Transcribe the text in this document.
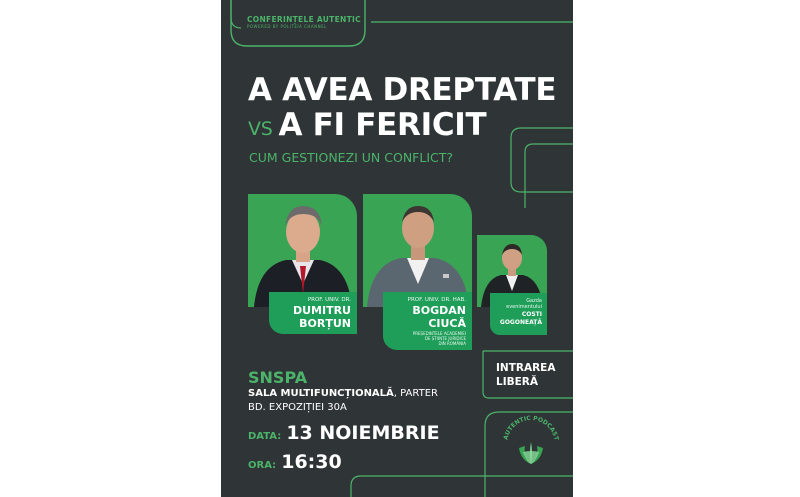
CONFERINȚELE AUTENTIC
POWERED BY POLITEIA CHANNEL
A AVEA DREPTATE
VS A FI FERICIT
CUM GESTIONEZI UN CONFLICT?
PROF. UNIV. DR.
DUMITRU
BORȚUN
PROF. UNIV. DR. HAB.
BOGDAN
CIUCĂ
PREȘEDINTELE ACADEMIEI
DE ȘTIINȚE JURIDICE
DIN ROMÂNIA
Gazda
evenimentului
COSTI
GOGONEAȚĂ
SNSPA
SALA MULTIFUNCȚIONALĂ, PARTER
BD. EXPOZIȚIEI 30A
DATA: 13 NOIEMBRIE
ORA: 16:30
INTRAREA
LIBERĂ
AUTENTIC PODCAST
